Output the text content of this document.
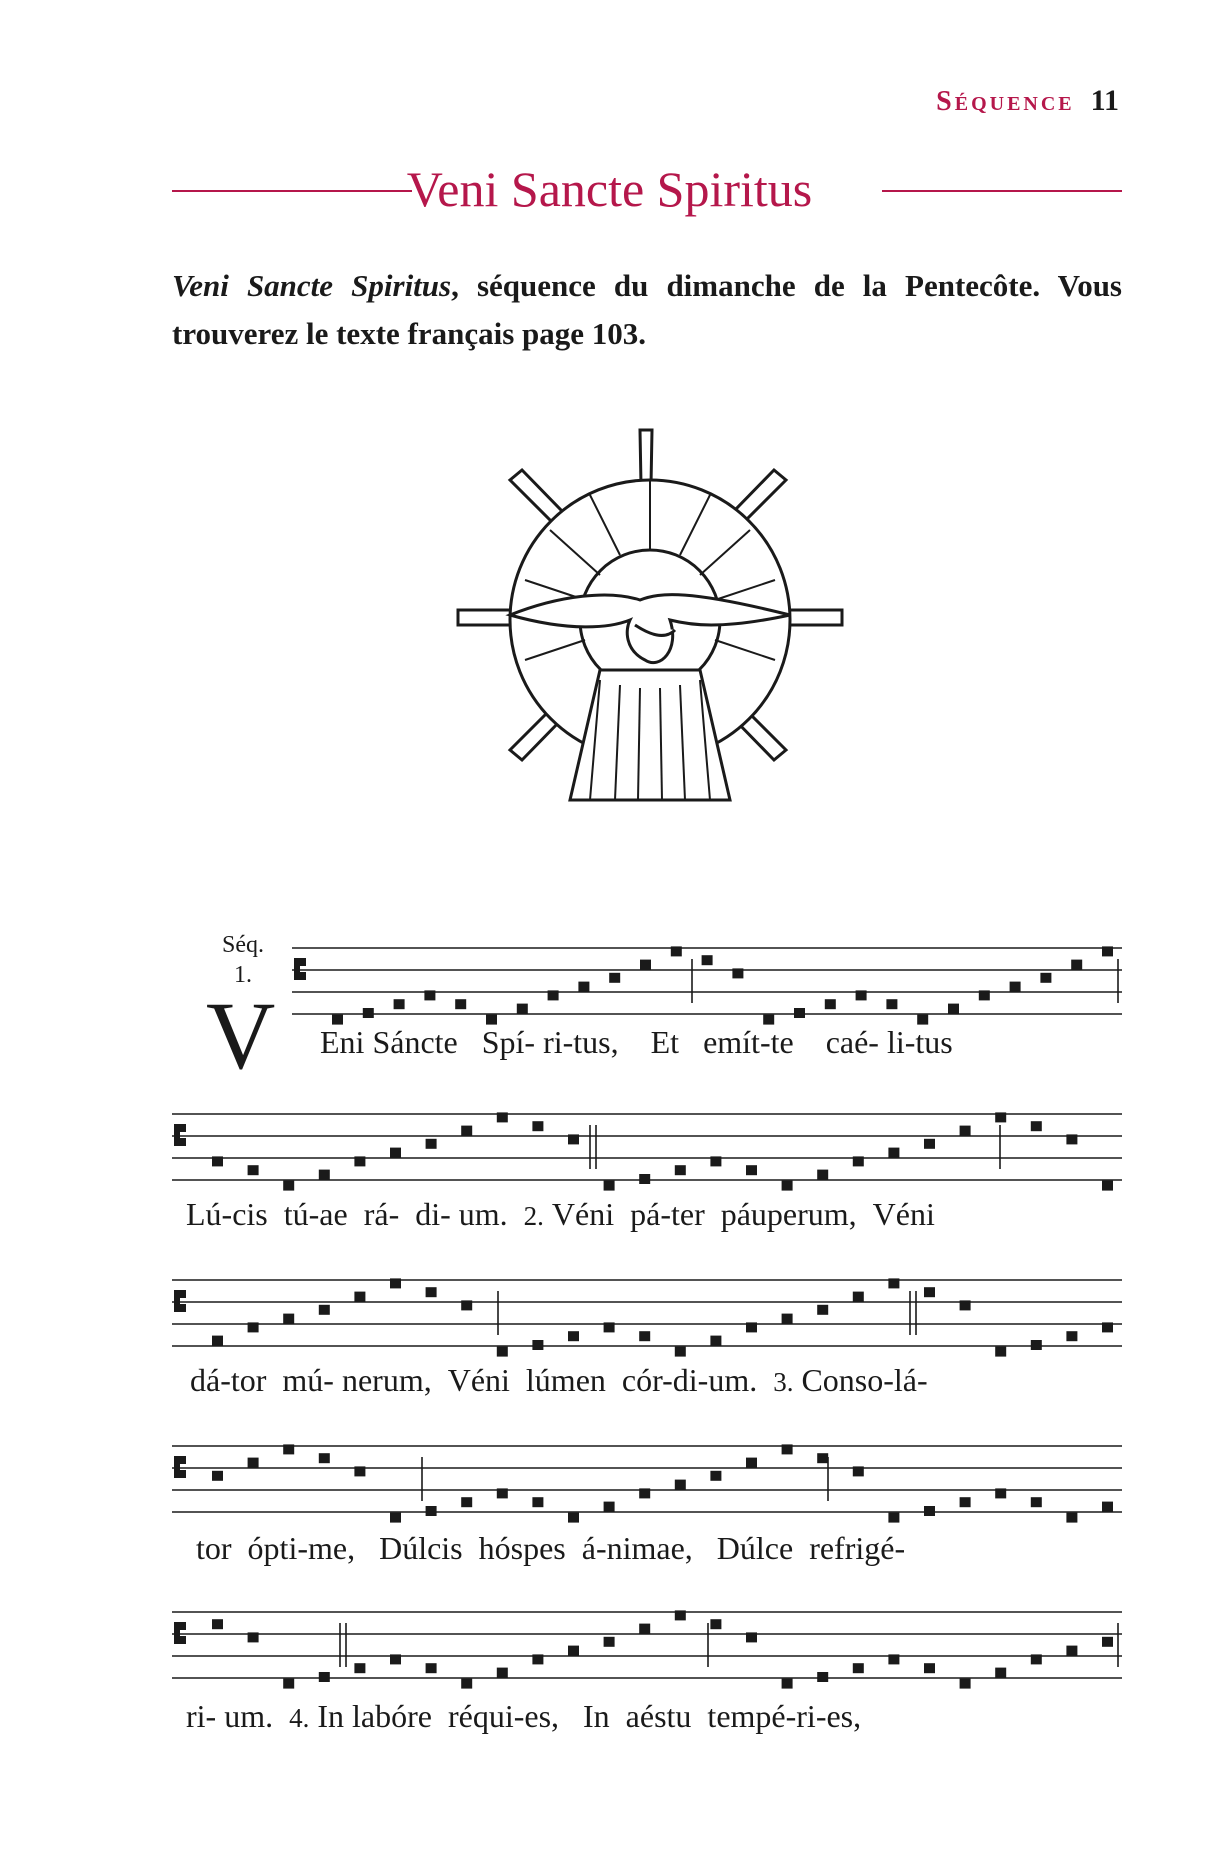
Séquence 11
Veni Sancte Spiritus
Veni Sancte Spiritus, séquence du dimanche de la Pentecôte. Vous trouverez le texte français page 103.
Séq.
1.
V Eni Sáncte Spí- ri-tus, Et emít-te caé- li-tus
Lú-cis tú-ae rá- di- um. 2. Véni pá-ter páuperum, Véni
dá-tor mú- nerum, Véni lúmen cór-di-um. 3. Conso-lá-
tor ópti-me, Dúlcis hóspes á-nimae, Dúlce refrigé-
ri- um. 4. In labóre réqui-es, In aéstu tempé-ri-es,
